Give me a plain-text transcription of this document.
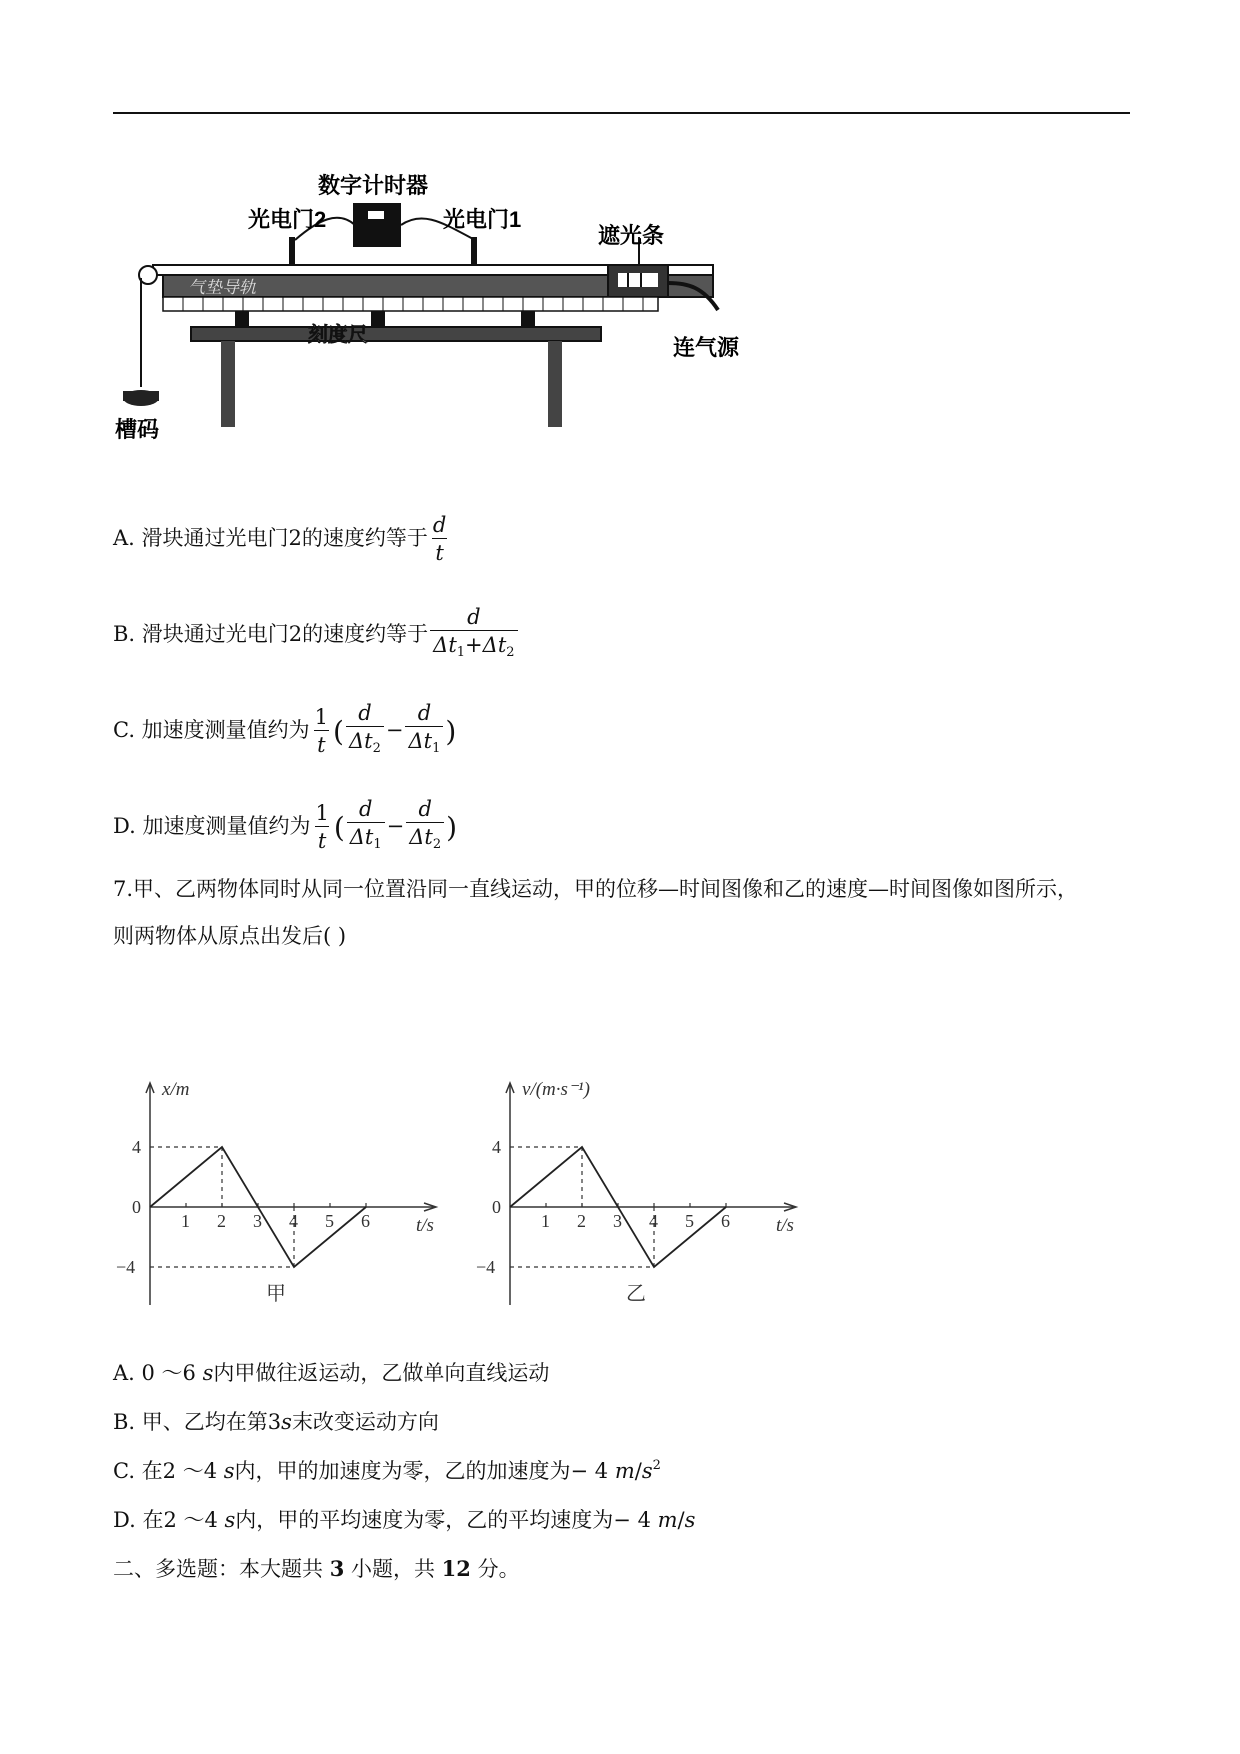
数字计时器
光电门2	光电门1
遮光条
气垫导轨
刻度尺	连气源
槽码
A. 滑块通过光电门2的速度约等于 $\frac{d}{t}$
B. 滑块通过光电门2的速度约等于 $\frac{d}{\Delta t_1+\Delta t_2}$
C. 加速度测量值约为 $\frac{1}{t}$ ( $\frac{d}{\Delta t_2} - \frac{d}{\Delta t_1}$ )
D. 加速度测量值约为 $\frac{1}{t}$ ( $\frac{d}{\Delta t_1} - \frac{d}{\Delta t_2}$ )
7.甲、乙两物体同时从同一位置沿同一直线运动，甲的位移—时间图像和乙的速度—时间图像如图所示，
则两物体从原点出发后( )
x/m
t/s
1 2 3 4 5 6
4
0
−4
甲
v/(m·s⁻¹)
t/s
1 2 3 4 5 6
4
0
−4
乙
A. 0 ～6 s内甲做往返运动，乙做单向直线运动
B. 甲、乙均在第3s末改变运动方向
C. 在2 ～4 s内，甲的加速度为零，乙的加速度为− 4 $m/s^2$
D. 在2 ～4 s内，甲的平均速度为零，乙的平均速度为− 4 m/s
二、多选题：本大题共 3 小题，共 12 分。
